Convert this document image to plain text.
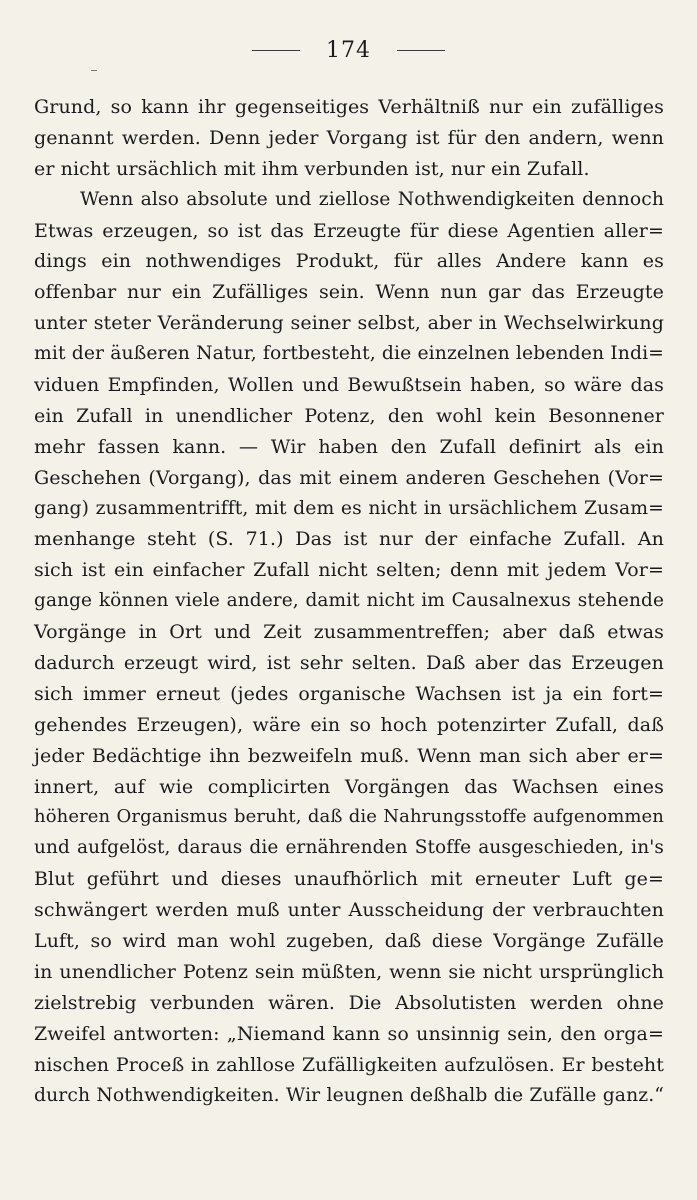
174
Grund, so kann ihr gegenseitiges Verhältniß nur ein zufälliges
genannt werden. Denn jeder Vorgang ist für den andern, wenn
er nicht ursächlich mit ihm verbunden ist, nur ein Zufall.
Wenn also absolute und ziellose Nothwendigkeiten dennoch
Etwas erzeugen, so ist das Erzeugte für diese Agentien aller=
dings ein nothwendiges Produkt, für alles Andere kann es
offenbar nur ein Zufälliges sein. Wenn nun gar das Erzeugte
unter steter Veränderung seiner selbst, aber in Wechselwirkung
mit der äußeren Natur, fortbesteht, die einzelnen lebenden Indi=
viduen Empfinden, Wollen und Bewußtsein haben, so wäre das
ein Zufall in unendlicher Potenz, den wohl kein Besonnener
mehr fassen kann. — Wir haben den Zufall definirt als ein
Geschehen (Vorgang), das mit einem anderen Geschehen (Vor=
gang) zusammentrifft, mit dem es nicht in ursächlichem Zusam=
menhange steht (S. 71.) Das ist nur der einfache Zufall. An
sich ist ein einfacher Zufall nicht selten; denn mit jedem Vor=
gange können viele andere, damit nicht im Causalnexus stehende
Vorgänge in Ort und Zeit zusammentreffen; aber daß etwas
dadurch erzeugt wird, ist sehr selten. Daß aber das Erzeugen
sich immer erneut (jedes organische Wachsen ist ja ein fort=
gehendes Erzeugen), wäre ein so hoch potenzirter Zufall, daß
jeder Bedächtige ihn bezweifeln muß. Wenn man sich aber er=
innert, auf wie complicirten Vorgängen das Wachsen eines
höheren Organismus beruht, daß die Nahrungsstoffe aufgenommen
und aufgelöst, daraus die ernährenden Stoffe ausgeschieden, in's
Blut geführt und dieses unaufhörlich mit erneuter Luft ge=
schwängert werden muß unter Ausscheidung der verbrauchten
Luft, so wird man wohl zugeben, daß diese Vorgänge Zufälle
in unendlicher Potenz sein müßten, wenn sie nicht ursprünglich
zielstrebig verbunden wären. Die Absolutisten werden ohne
Zweifel antworten: „Niemand kann so unsinnig sein, den orga=
nischen Proceß in zahllose Zufälligkeiten aufzulösen. Er besteht
durch Nothwendigkeiten. Wir leugnen deßhalb die Zufälle ganz.“
